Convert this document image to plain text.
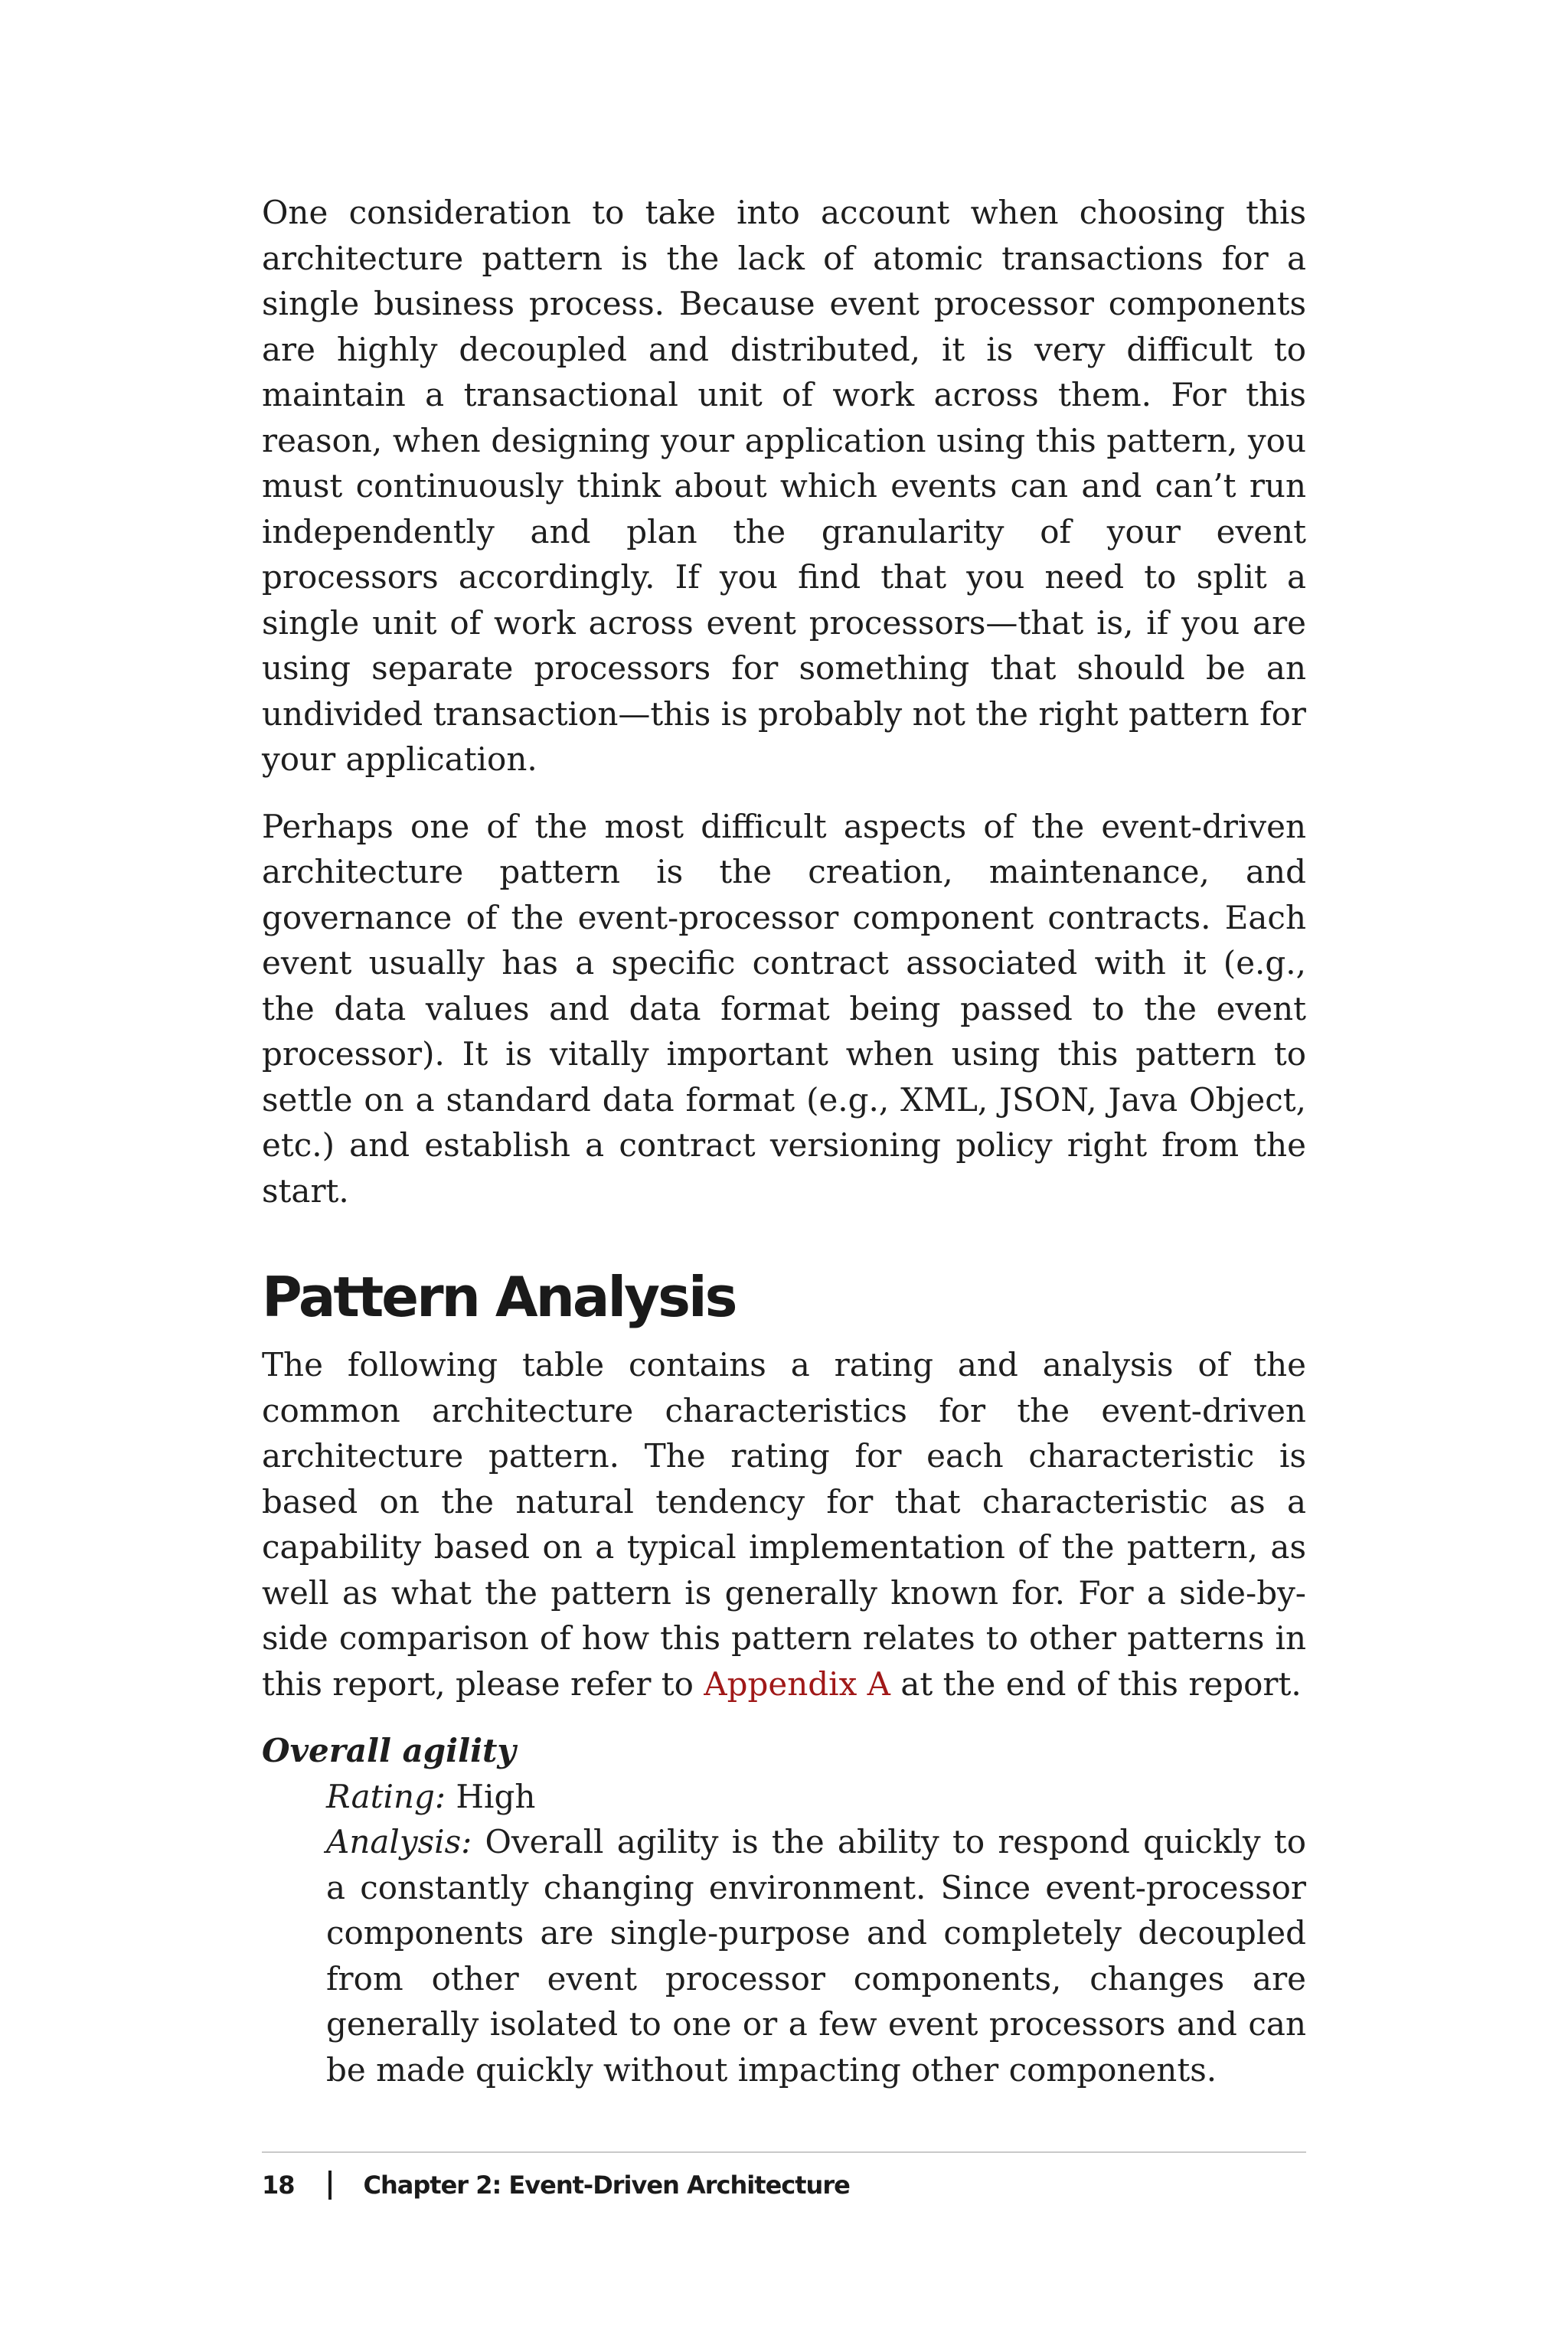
One consideration to take into account when choosing this architecture pattern is the lack of atomic transactions for a single business process. Because event processor components are highly decoupled and distributed, it is very difficult to maintain a transactional unit of work across them. For this reason, when designing your application using this pattern, you must continuously think about which events can and can’t run independently and plan the granularity of your event processors accordingly. If you find that you need to split a single unit of work across event processors—that is, if you are using separate processors for something that should be an undivided transaction—this is probably not the right pattern for your application.

Perhaps one of the most difficult aspects of the event-driven architecture pattern is the creation, maintenance, and governance of the event-processor component contracts. Each event usually has a specific contract associated with it (e.g., the data values and data format being passed to the event processor). It is vitally important when using this pattern to settle on a standard data format (e.g., XML, JSON, Java Object, etc.) and establish a contract versioning policy right from the start.

Pattern Analysis

The following table contains a rating and analysis of the common architecture characteristics for the event-driven architecture pattern. The rating for each characteristic is based on the natural tendency for that characteristic as a capability based on a typical implementation of the pattern, as well as what the pattern is generally known for. For a side-by-side comparison of how this pattern relates to other patterns in this report, please refer to Appendix A at the end of this report.

Overall agility

Rating: High

Analysis: Overall agility is the ability to respond quickly to a constantly changing environment. Since event-processor components are single-purpose and completely decoupled from other event processor components, changes are generally isolated to one or a few event processors and can be made quickly without impacting other components.

18	Chapter 2: Event-Driven Architecture
